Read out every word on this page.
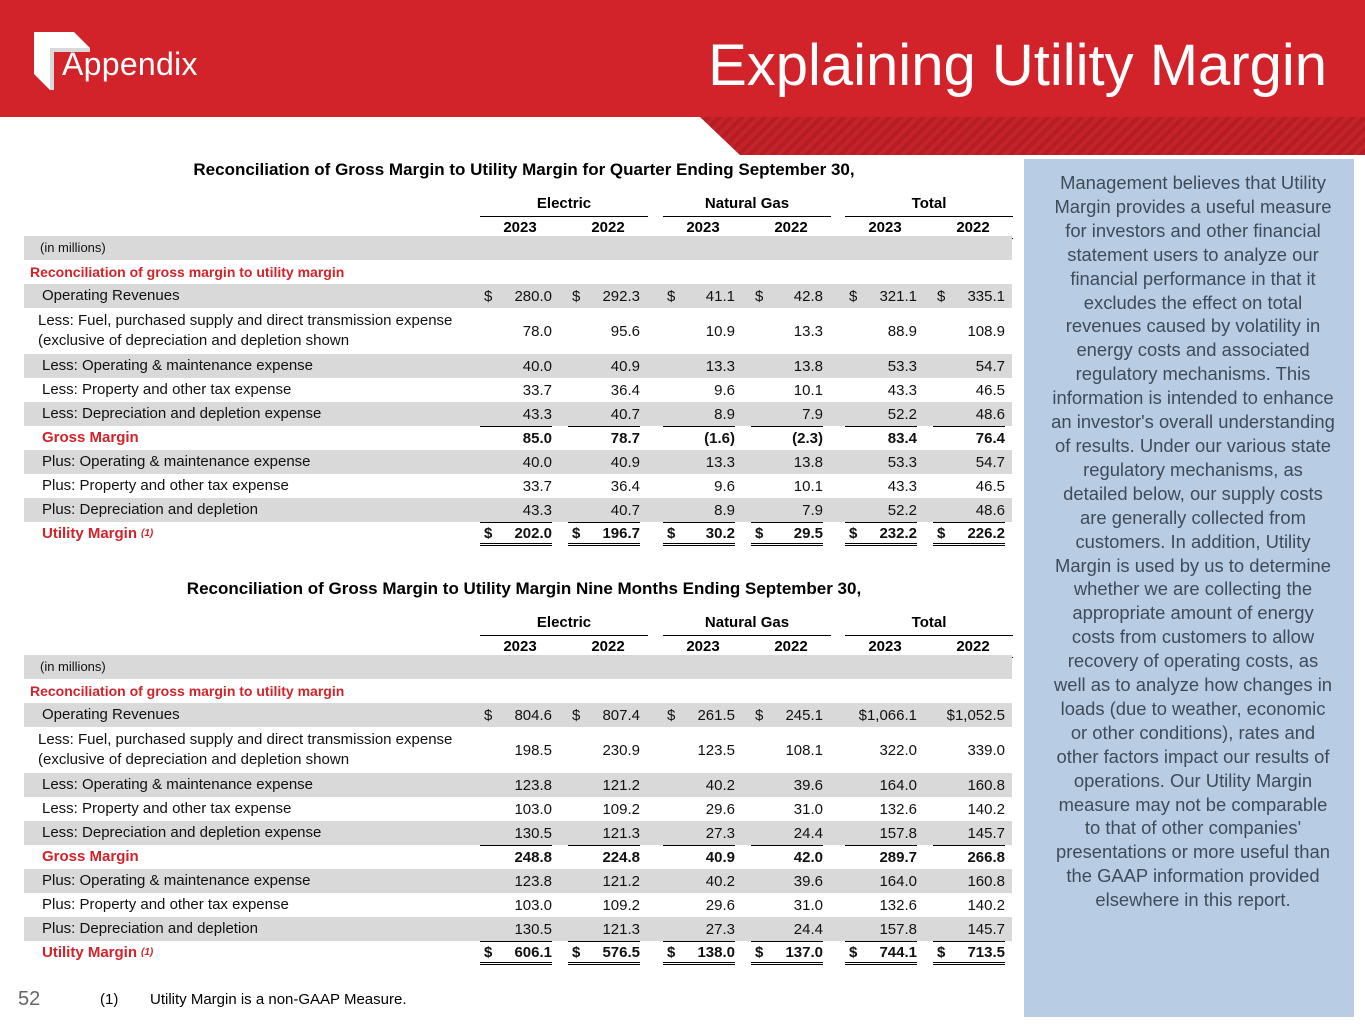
Appendix	Explaining Utility Margin
Reconciliation of Gross Margin to Utility Margin for Quarter Ending September 30,
Electric	Natural Gas	Total
2023	2022	2023	2022	2023	2022
(in millions)
Reconciliation of gross margin to utility margin
Operating Revenues	$ 280.0 $ 292.3 $ 41.1 $ 42.8 $ 321.1 $ 335.1
Less: Fuel, purchased supply and direct transmission expense (exclusive of depreciation and depletion shown
78.0	95.6	10.9	13.3	88.9	108.9
Less: Operating & maintenance expense	40.0	40.9	13.3	13.8	53.3	54.7
Less: Property and other tax expense	33.7	36.4	9.6	10.1	43.3	46.5
Less: Depreciation and depletion expense	43.3	40.7	8.9	7.9	52.2	48.6
Gross Margin	85.0	78.7	(1.6)	(2.3)	83.4	76.4
Plus: Operating & maintenance expense	40.0	40.9	13.3	13.8	53.3	54.7
Plus: Property and other tax expense	33.7	36.4	9.6	10.1	43.3	46.5
Plus: Depreciation and depletion	43.3	40.7	8.9	7.9	52.2	48.6
Utility Margin (1)	$ 202.0 $ 196.7 $ 30.2 $ 29.5 $ 232.2 $ 226.2
Reconciliation of Gross Margin to Utility Margin Nine Months Ending September 30,
Electric	Natural Gas	Total
2023	2022	2023	2022	2023	2022
(in millions)
Reconciliation of gross margin to utility margin
Operating Revenues	$ 804.6 $ 807.4 $ 261.5 $ 245.1 $1,066.1 $1,052.5
Less: Fuel, purchased supply and direct transmission expense (exclusive of depreciation and depletion shown
198.5	230.9	123.5	108.1	322.0	339.0
Less: Operating & maintenance expense	123.8	121.2	40.2	39.6	164.0	160.8
Less: Property and other tax expense	103.0	109.2	29.6	31.0	132.6	140.2
Less: Depreciation and depletion expense	130.5	121.3	27.3	24.4	157.8	145.7
Gross Margin	248.8	224.8	40.9	42.0	289.7	266.8
Plus: Operating & maintenance expense	123.8	121.2	40.2	39.6	164.0	160.8
Plus: Property and other tax expense	103.0	109.2	29.6	31.0	132.6	140.2
Plus: Depreciation and depletion	130.5	121.3	27.3	24.4	157.8	145.7
Utility Margin (1)	$ 606.1 $ 576.5 $ 138.0 $ 137.0 $ 744.1 $ 713.5

Management believes that Utility Margin provides a useful measure for investors and other financial statement users to analyze our financial performance in that it excludes the effect on total revenues caused by volatility in energy costs and associated regulatory mechanisms. This information is intended to enhance an investor's overall understanding of results. Under our various state regulatory mechanisms, as detailed below, our supply costs are generally collected from customers. In addition, Utility Margin is used by us to determine whether we are collecting the appropriate amount of energy costs from customers to allow recovery of operating costs, as well as to analyze how changes in loads (due to weather, economic or other conditions), rates and other factors impact our results of operations. Our Utility Margin measure may not be comparable to that of other companies' presentations or more useful than the GAAP information provided elsewhere in this report.

52	(1) Utility Margin is a non-GAAP Measure.
